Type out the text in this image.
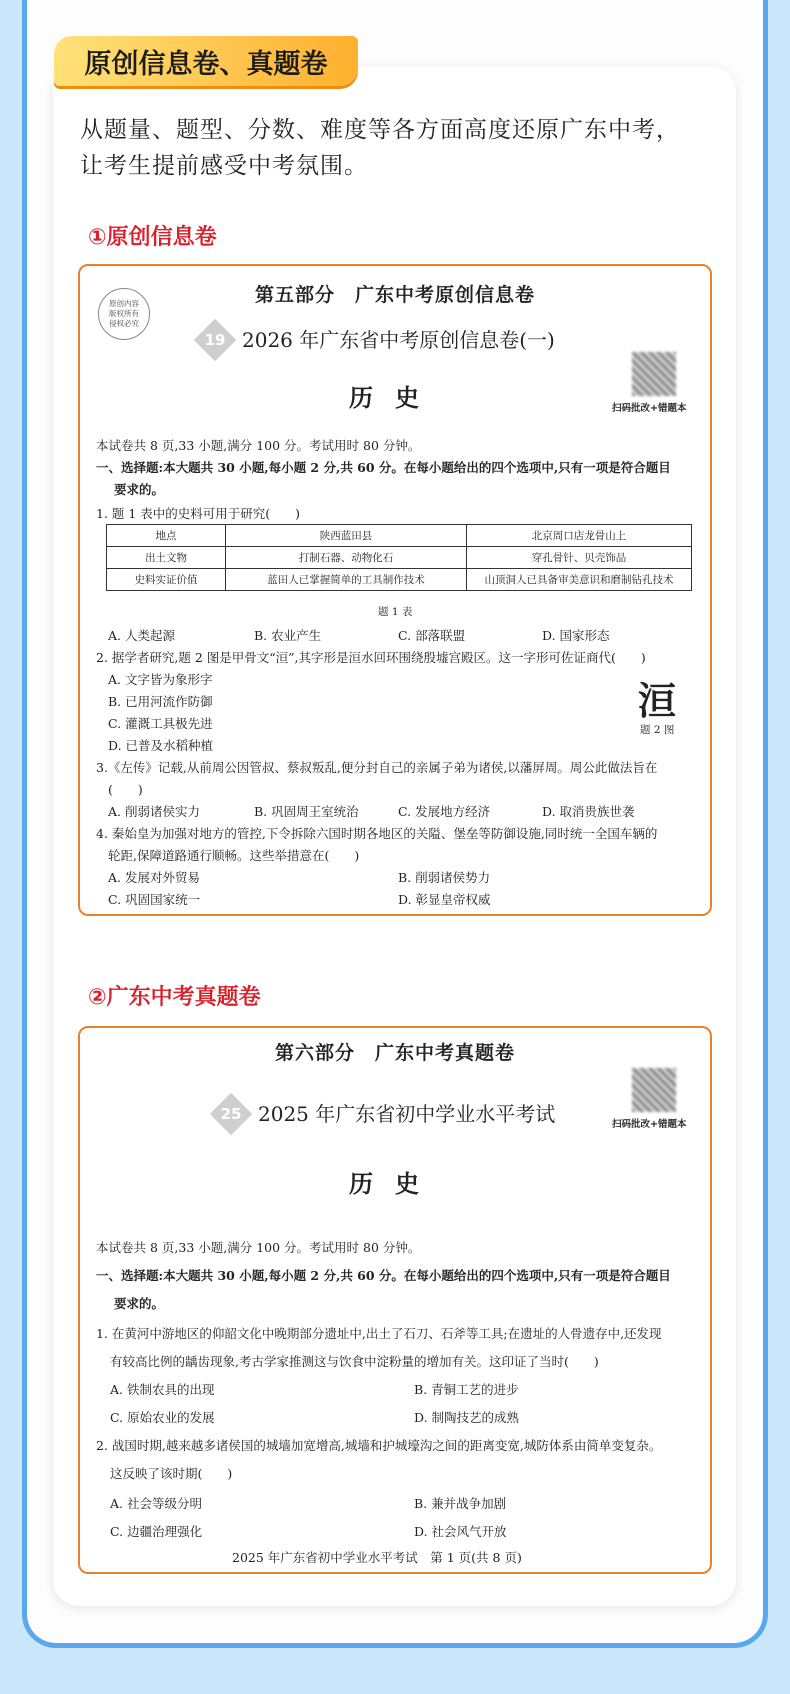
原创信息卷、真题卷
从题量、题型、分数、难度等各方面高度还原广东中考，
让考生提前感受中考氛围。
①原创信息卷
第五部分　广东中考原创信息卷
原创内容
版权所有
侵权必究
19 2026 年广东省中考原创信息卷(一)
历史	扫码批改+错题本
本试卷共 8 页,33 小题,满分 100 分。考试用时 80 分钟。
一、选择题:本大题共 30 小题,每小题 2 分,共 60 分。在每小题给出的四个选项中,只有一项是符合题目
要求的。
1. 题 1 表中的史料可用于研究(　　)
地点	陕西蓝田县	北京周口店龙骨山上
出土文物	打制石器、动物化石	穿孔骨针、贝壳饰品
史料实证价值	蓝田人已掌握简单的工具制作技术	山顶洞人已具备审美意识和磨制钻孔技术
题 1 表
A. 人类起源	B. 农业产生	C. 部落联盟	D. 国家形态
2. 据学者研究,题 2 图是甲骨文“洹”,其字形是洹水回环围绕殷墟宫殿区。这一字形可佐证商代(　　)
A. 文字皆为象形字
B. 已用河流作防御
C. 灌溉工具极先进
D. 已普及水稻种植
洹
题 2 图
3.《左传》记载,从前周公因管叔、蔡叔叛乱,便分封自己的亲属子弟为诸侯,以藩屏周。周公此做法旨在
(　　)
A. 削弱诸侯实力	B. 巩固周王室统治	C. 发展地方经济	D. 取消贵族世袭
4. 秦始皇为加强对地方的管控,下令拆除六国时期各地区的关隘、堡垒等防御设施,同时统一全国车辆的
轮距,保障道路通行顺畅。这些举措意在(　　)
A. 发展对外贸易	B. 削弱诸侯势力
C. 巩固国家统一	D. 彰显皇帝权威
②广东中考真题卷
第六部分　广东中考真题卷
扫码批改+错题本
25 2025 年广东省初中学业水平考试
历史
本试卷共 8 页,33 小题,满分 100 分。考试用时 80 分钟。
一、选择题:本大题共 30 小题,每小题 2 分,共 60 分。在每小题给出的四个选项中,只有一项是符合题目
要求的。
1. 在黄河中游地区的仰韶文化中晚期部分遗址中,出土了石刀、石斧等工具;在遗址的人骨遗存中,还发现
有较高比例的龋齿现象,考古学家推测这与饮食中淀粉量的增加有关。这印证了当时(　　)
A. 铁制农具的出现	B. 青铜工艺的进步
C. 原始农业的发展	D. 制陶技艺的成熟
2. 战国时期,越来越多诸侯国的城墙加宽增高,城墙和护城壕沟之间的距离变宽,城防体系由简单变复杂。
这反映了该时期(　　)
A. 社会等级分明	B. 兼并战争加剧
C. 边疆治理强化	D. 社会风气开放
2025 年广东省初中学业水平考试　第 1 页(共 8 页)
